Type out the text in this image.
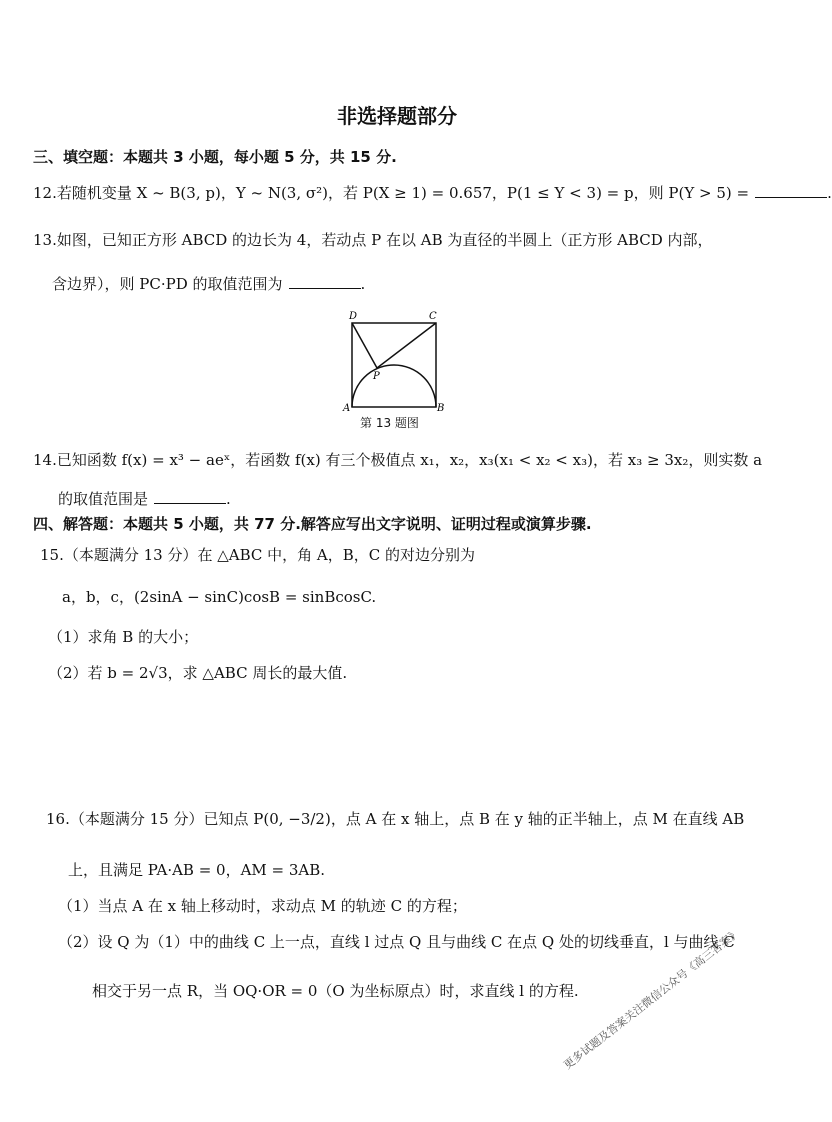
非选择题部分
三、填空题：本题共 3 小题，每小题 5 分，共 15 分.
12.若随机变量 X ~ B(3, p)，Y ~ N(3, σ²)，若 P(X ≥ 1) = 0.657，P(1 ≤ Y < 3) = p，则 P(Y > 5) =	.
13.如图，已知正方形 ABCD 的边长为 4，若动点 P 在以 AB 为直径的半圆上（正方形 ABCD 内部，
含边界），则 PC·PD 的取值范围为	.
D	C
P
A	B
第 13 题图
14.已知函数 f(x) = x³ − aeˣ，若函数 f(x) 有三个极值点 x₁，x₂，x₃(x₁ < x₂ < x₃)，若 x₃ ≥ 3x₂，则实数 a
的取值范围是	.
四、解答题：本题共 5 小题，共 77 分.解答应写出文字说明、证明过程或演算步骤.
15.（本题满分 13 分）在 △ABC 中，角 A，B，C 的对边分别为
a，b，c，(2sinA − sinC)cosB = sinBcosC.
（1）求角 B 的大小；
（2）若 b = 2√3，求 △ABC 周长的最大值.
16.（本题满分 15 分）已知点 P(0, −3/2)，点 A 在 x 轴上，点 B 在 y 轴的正半轴上，点 M 在直线 AB
上，且满足 PA·AB = 0，AM = 3AB.
（1）当点 A 在 x 轴上移动时，求动点 M 的轨迹 C 的方程；
（2）设 Q 为（1）中的曲线 C 上一点，直线 l 过点 Q 且与曲线 C 在点 Q 处的切线垂直，l 与曲线 C
相交于另一点 R，当 OQ·OR = 0（O 为坐标原点）时，求直线 l 的方程.
更多试题及答案关注微信公众号《高三答案》
